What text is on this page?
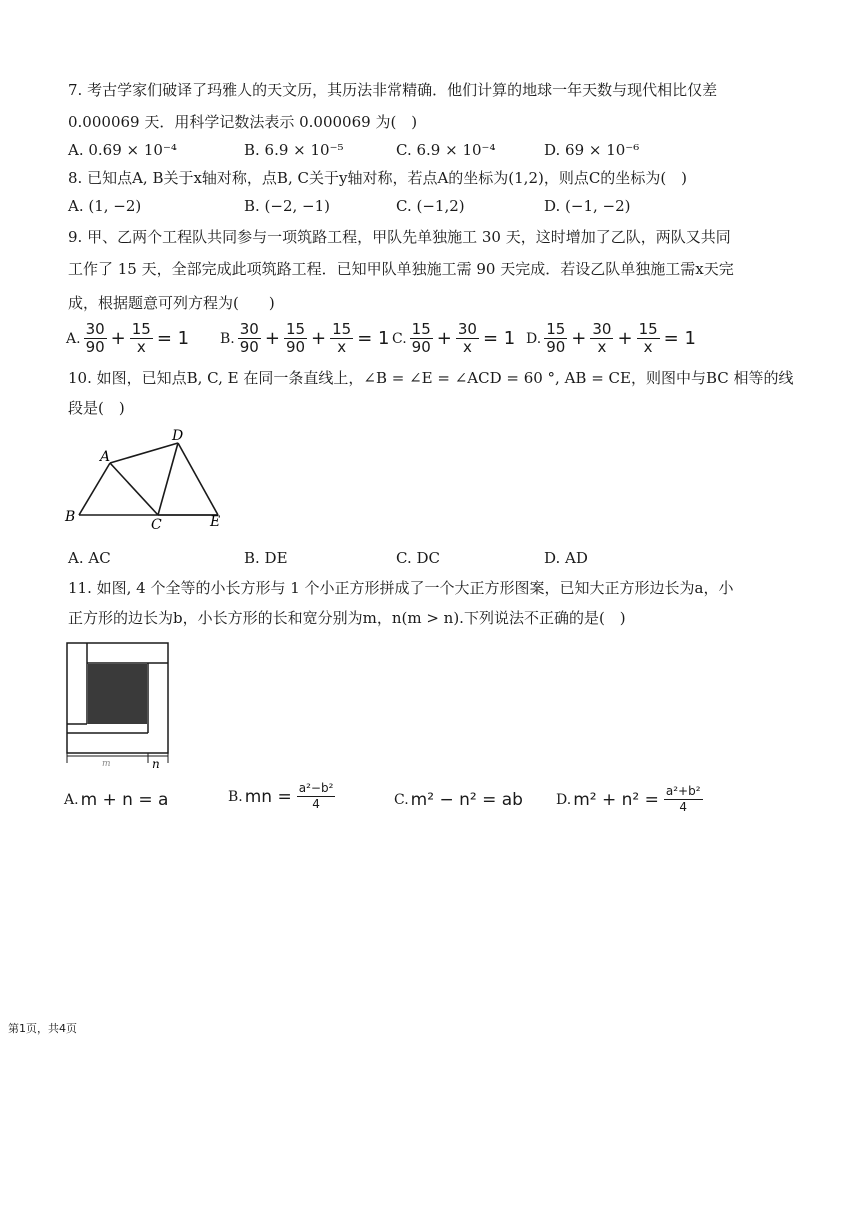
7. 考古学家们破译了玛雅人的天文历，其历法非常精确．他们计算的地球一年天数与现代相比仅差
0.000069 天．用科学记数法表示 0.000069 为(　)
A. 0.69 × 10⁻⁴	B. 6.9 × 10⁻⁵	C. 6.9 × 10⁻⁴	D. 69 × 10⁻⁶
8. 已知点A, B关于x轴对称，点B, C关于y轴对称，若点A的坐标为(1,2)，则点C的坐标为(　)
A. (1, −2)	B. (−2, −1)	C. (−1,2)	D. (−1, −2)
9. 甲、乙两个工程队共同参与一项筑路工程，甲队先单独施工 30 天，这时增加了乙队，两队又共同
工作了 15 天，全部完成此项筑路工程．已知甲队单独施工需 90 天完成．若设乙队单独施工需x天完
成，根据题意可列方程为(　　)
A. $\frac{30}{90} + \frac{15}{x} = 1$ B. $\frac{30}{90} + \frac{15}{90} + \frac{15}{x} = 1$ C. $\frac{15}{90} + \frac{30}{x} = 1$ D. $\frac{15}{90} + \frac{30}{x} + \frac{15}{x} = 1$
10. 如图，已知点B, C, E 在同一条直线上，∠B = ∠E = ∠ACD = 60 °, AB = CE，则图中与BC 相等的线
段是(　)
A
B	C
D
E
A. AC	B. DE	C. DC	D. AD
11. 如图, 4 个全等的小长方形与 1 个小正方形拼成了一个大正方形图案，已知大正方形边长为a，小
正方形的边长为b，小长方形的长和宽分别为m，n(m > n).下列说法不正确的是(　)
m	n
A. m + n = a	B. mn = $\frac{\text{a²−b²}}{4}$	C. m² − n² = ab D. $m^2 + n^2 = \frac{\text{a²+b²}}{4}$
第1页，共4页
